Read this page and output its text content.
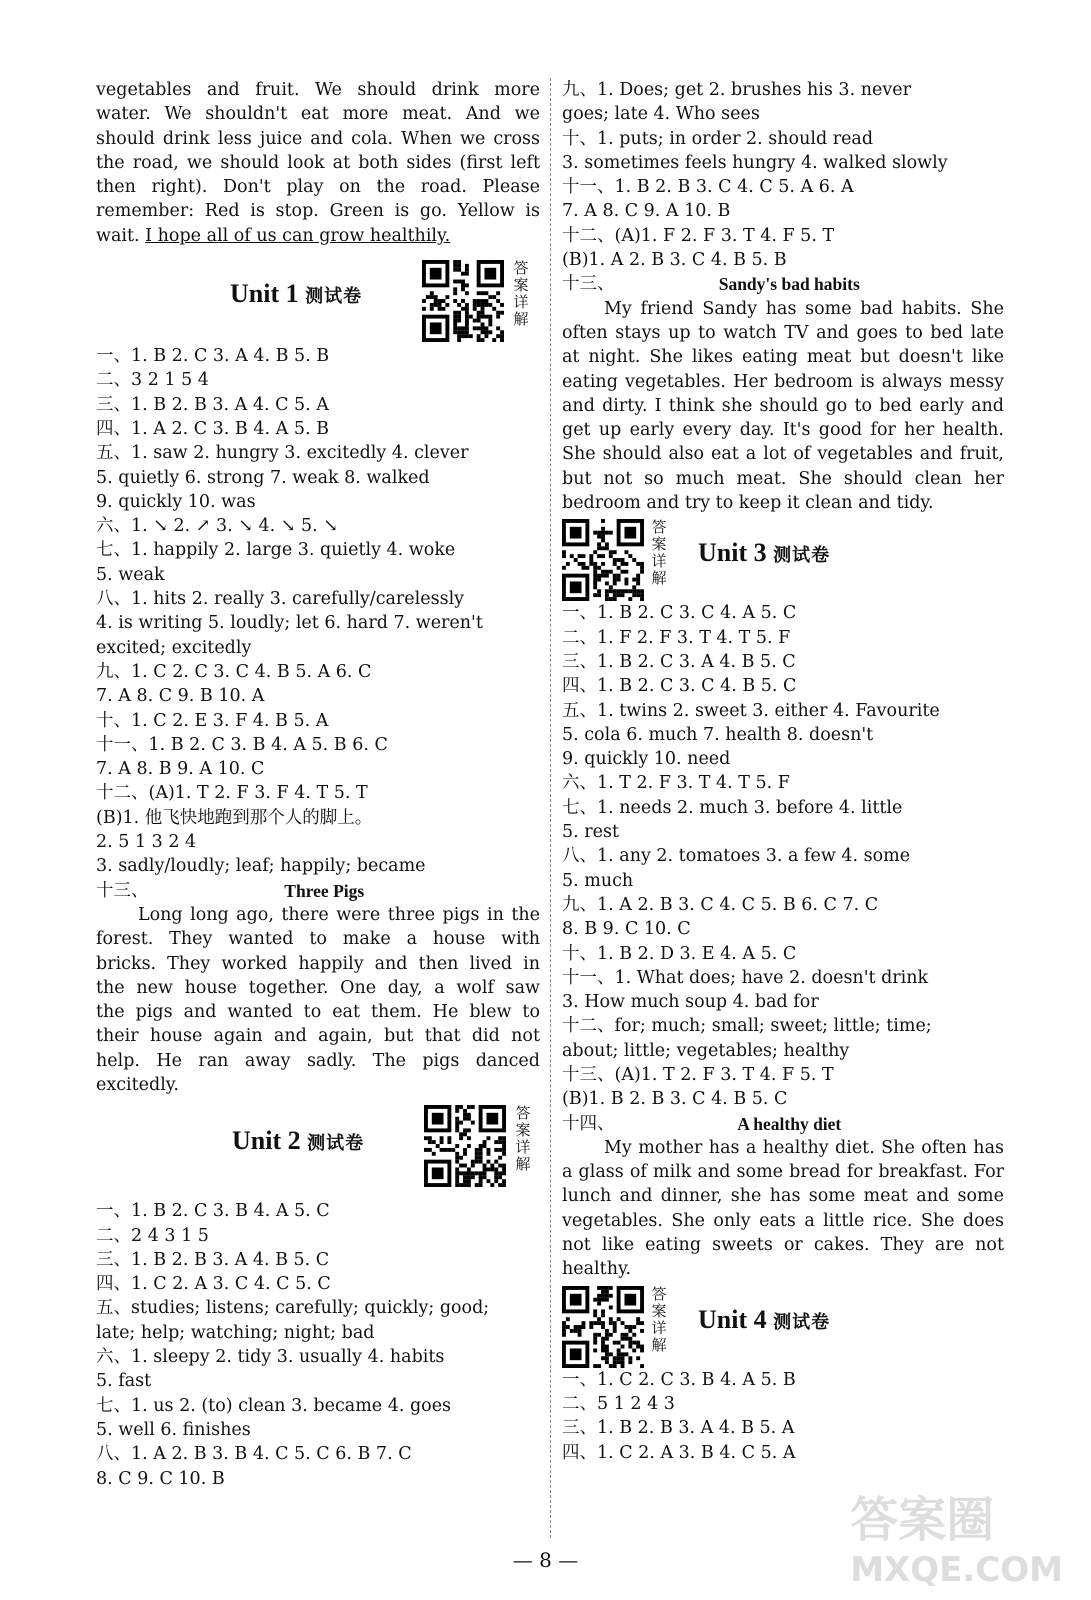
vegetables and fruit. We should drink more
water. We shouldn't eat more meat. And we
should drink less juice and cola. When we cross
the road, we should look at both sides (first left
then right). Don't play on the road. Please
remember: Red is stop. Green is go. Yellow is
wait. I hope all of us can grow healthily.
Unit 1 测试卷
答
案
详
解
一、1. B 2. C 3. A 4. B 5. B
二、3 2 1 5 4
三、1. B 2. B 3. A 4. C 5. A
四、1. A 2. C 3. B 4. A 5. B
五、1. saw 2. hungry 3. excitedly 4. clever
5. quietly 6. strong 7. weak 8. walked
9. quickly 10. was
六、1. ↘ 2. ↗ 3. ↘ 4. ↘ 5. ↘
七、1. happily 2. large 3. quietly 4. woke
5. weak
八、1. hits 2. really 3. carefully/carelessly
4. is writing 5. loudly; let 6. hard 7. weren't
excited; excitedly
九、1. C 2. C 3. C 4. B 5. A 6. C
7. A 8. C 9. B 10. A
十、1. C 2. E 3. F 4. B 5. A
十一、1. B 2. C 3. B 4. A 5. B 6. C
7. A 8. B 9. A 10. C
十二、(A)1. T 2. F 3. F 4. T 5. T
(B)1. 他飞快地跑到那个人的脚上。
2. 5 1 3 2 4
3. sadly/loudly; leaf; happily; became
十三、	Three Pigs
Long long ago, there were three pigs in the
forest. They wanted to make a house with
bricks. They worked happily and then lived in
the new house together. One day, a wolf saw
the pigs and wanted to eat them. He blew to
their house again and again, but that did not
help. He ran away sadly. The pigs danced
excitedly.
Unit 2 测试卷
答
案
详
解
一、1. B 2. C 3. B 4. A 5. C
二、2 4 3 1 5
三、1. B 2. B 3. A 4. B 5. C
四、1. C 2. A 3. C 4. C 5. C
五、studies; listens; carefully; quickly; good;
late; help; watching; night; bad
六、1. sleepy 2. tidy 3. usually 4. habits
5. fast
七、1. us 2. (to) clean 3. became 4. goes
5. well 6. finishes
八、1. A 2. B 3. B 4. C 5. C 6. B 7. C
8. C 9. C 10. B
九、1. Does; get 2. brushes his 3. never
goes; late 4. Who sees
十、1. puts; in order 2. should read
3. sometimes feels hungry 4. walked slowly
十一、1. B 2. B 3. C 4. C 5. A 6. A
7. A 8. C 9. A 10. B
十二、(A)1. F 2. F 3. T 4. F 5. T
(B)1. A 2. B 3. C 4. B 5. B
十三、	Sandy's bad habits
My friend Sandy has some bad habits. She
often stays up to watch TV and goes to bed late
at night. She likes eating meat but doesn't like
eating vegetables. Her bedroom is always messy
and dirty. I think she should go to bed early and
get up early every day. It's good for her health.
She should also eat a lot of vegetables and fruit,
but not so much meat. She should clean her
bedroom and try to keep it clean and tidy.
答
案
详
解
Unit 3 测试卷
一、1. B 2. C 3. C 4. A 5. C
二、1. F 2. F 3. T 4. T 5. F
三、1. B 2. C 3. A 4. B 5. C
四、1. B 2. C 3. C 4. B 5. C
五、1. twins 2. sweet 3. either 4. Favourite
5. cola 6. much 7. health 8. doesn't
9. quickly 10. need
六、1. T 2. F 3. T 4. T 5. F
七、1. needs 2. much 3. before 4. little
5. rest
八、1. any 2. tomatoes 3. a few 4. some
5. much
九、1. A 2. B 3. C 4. C 5. B 6. C 7. C
8. B 9. C 10. C
十、1. B 2. D 3. E 4. A 5. C
十一、1. What does; have 2. doesn't drink
3. How much soup 4. bad for
十二、for; much; small; sweet; little; time;
about; little; vegetables; healthy
十三、(A)1. T 2. F 3. T 4. F 5. T
(B)1. B 2. B 3. C 4. B 5. C
十四、	A healthy diet
My mother has a healthy diet. She often has
a glass of milk and some bread for breakfast. For
lunch and dinner, she has some meat and some
vegetables. She only eats a little rice. She does
not like eating sweets or cakes. They are not
healthy.
答
案
详
解
Unit 4 测试卷
一、1. C 2. C 3. B 4. A 5. B
二、5 1 2 4 3
三、1. B 2. B 3. A 4. B 5. A
四、1. C 2. A 3. B 4. C 5. A
— 8 —
答案圈
MXQE.COM
